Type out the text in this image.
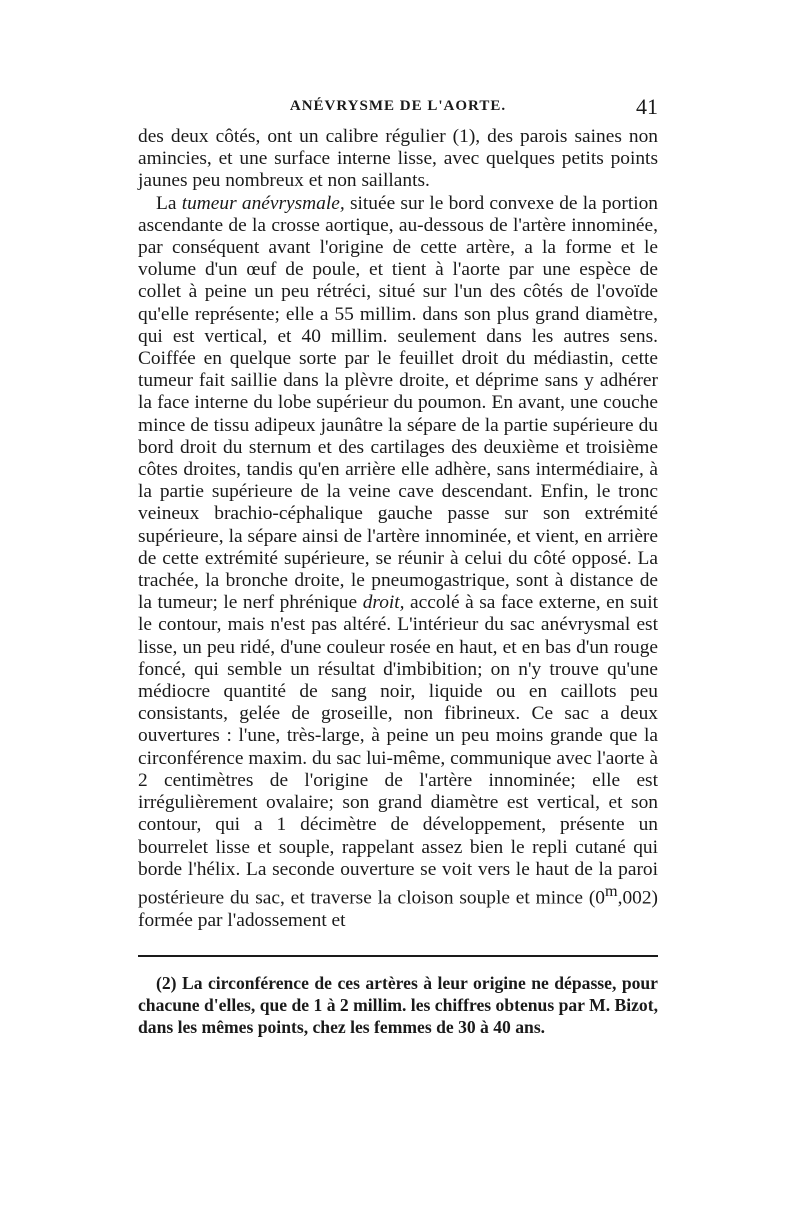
ANÉVRYSME DE L'AORTE.	41

des deux côtés, ont un calibre régulier (1), des parois saines non amincies, et une surface interne lisse, avec quelques petits points jaunes peu nombreux et non saillants.

La tumeur anévrysmale, située sur le bord convexe de la portion ascendante de la crosse aortique, au-dessous de l'artère innominée, par conséquent avant l'origine de cette artère, a la forme et le volume d'un œuf de poule, et tient à l'aorte par une espèce de collet à peine un peu rétréci, situé sur l'un des côtés de l'ovoïde qu'elle représente; elle a 55 millim. dans son plus grand diamètre, qui est vertical, et 40 millim. seulement dans les autres sens. Coiffée en quelque sorte par le feuillet droit du médiastin, cette tumeur fait saillie dans la plèvre droite, et déprime sans y adhérer la face interne du lobe supérieur du poumon. En avant, une couche mince de tissu adipeux jaunâtre la sépare de la partie supérieure du bord droit du sternum et des cartilages des deuxième et troisième côtes droites, tandis qu'en arrière elle adhère, sans intermédiaire, à la partie supérieure de la veine cave descendant. Enfin, le tronc veineux brachio-céphalique gauche passe sur son extrémité supérieure, la sépare ainsi de l'artère innominée, et vient, en arrière de cette extrémité supérieure, se réunir à celui du côté opposé. La trachée, la bronche droite, le pneumogastrique, sont à distance de la tumeur; le nerf phrénique droit, accolé à sa face externe, en suit le contour, mais n'est pas altéré. L'intérieur du sac anévrysmal est lisse, un peu ridé, d'une couleur rosée en haut, et en bas d'un rouge foncé, qui semble un résultat d'imbibition; on n'y trouve qu'une médiocre quantité de sang noir, liquide ou en caillots peu consistants, gelée de groseille, non fibrineux. Ce sac a deux ouvertures : l'une, très-large, à peine un peu moins grande que la circonférence maxim. du sac lui-même, communique avec l'aorte à 2 centimètres de l'origine de l'artère innominée; elle est irrégulièrement ovalaire; son grand diamètre est vertical, et son contour, qui a 1 décimètre de développement, présente un bourrelet lisse et souple, rappelant assez bien le repli cutané qui borde l'hélix. La seconde ouverture se voit vers le haut de la paroi postérieure du sac, et traverse la cloison souple et mince (0$^m$,002) formée par l'adossement et

(2) La circonférence de ces artères à leur origine ne dépasse, pour chacune d'elles, que de 1 à 2 millim. les chiffres obtenus par M. Bizot, dans les mêmes points, chez les femmes de 30 à 40 ans.
